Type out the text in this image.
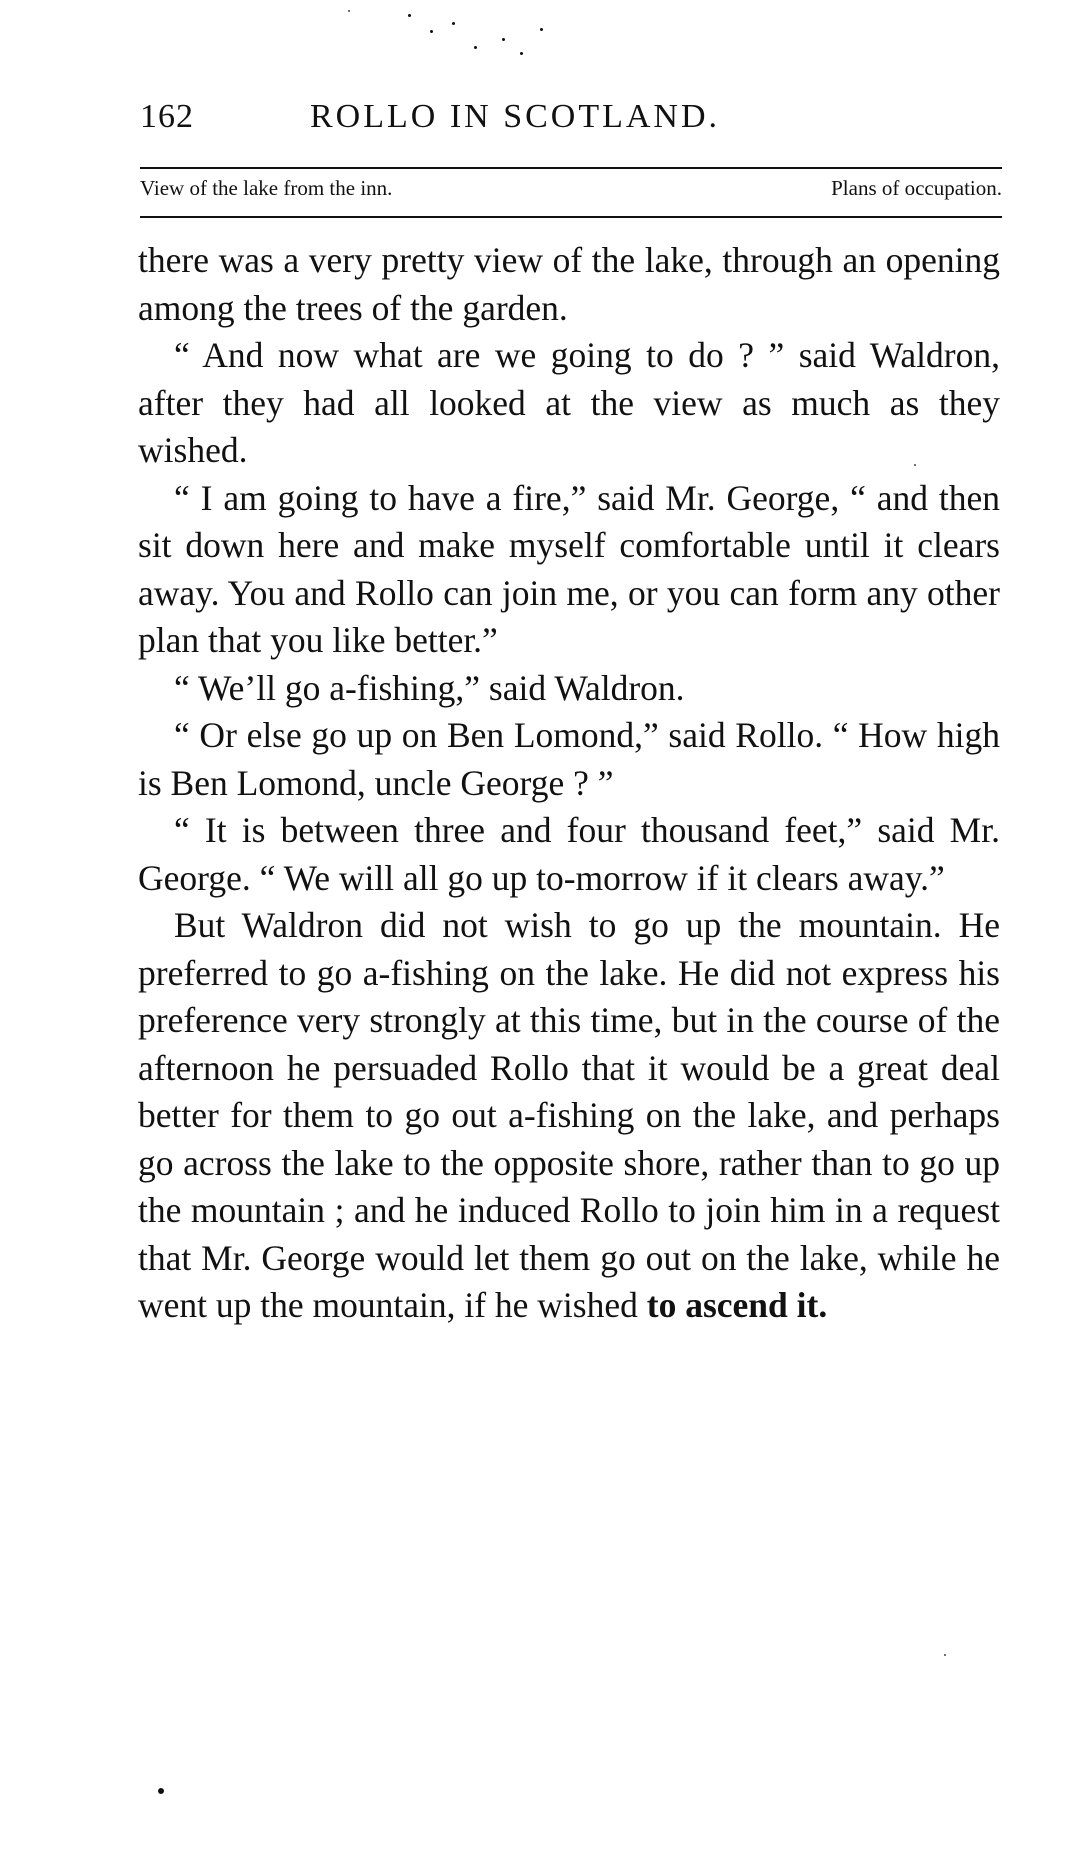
162	ROLLO IN SCOTLAND.
View of the lake from the inn.	Plans of occupation.

there was a very pretty view of the lake, through an opening among the trees of the garden.

“ And now what are we going to do ? ” said Waldron, after they had all looked at the view as much as they wished.

“ I am going to have a fire,” said Mr. George, “ and then sit down here and make myself comfortable until it clears away. You and Rollo can join me, or you can form any other plan that you like better.”

“ We’ll go a-fishing,” said Waldron.

“ Or else go up on Ben Lomond,” said Rollo. “ How high is Ben Lomond, uncle George ? ”

“ It is between three and four thousand feet,” said Mr. George. “ We will all go up to-morrow if it clears away.”

But Waldron did not wish to go up the mountain. He preferred to go a-fishing on the lake. He did not express his preference very strongly at this time, but in the course of the afternoon he persuaded Rollo that it would be a great deal better for them to go out a-fishing on the lake, and perhaps go across the lake to the opposite shore, rather than to go up the mountain ; and he induced Rollo to join him in a request that Mr. George would let them go out on the lake, while he went up the mountain, if he wished to ascend it.
